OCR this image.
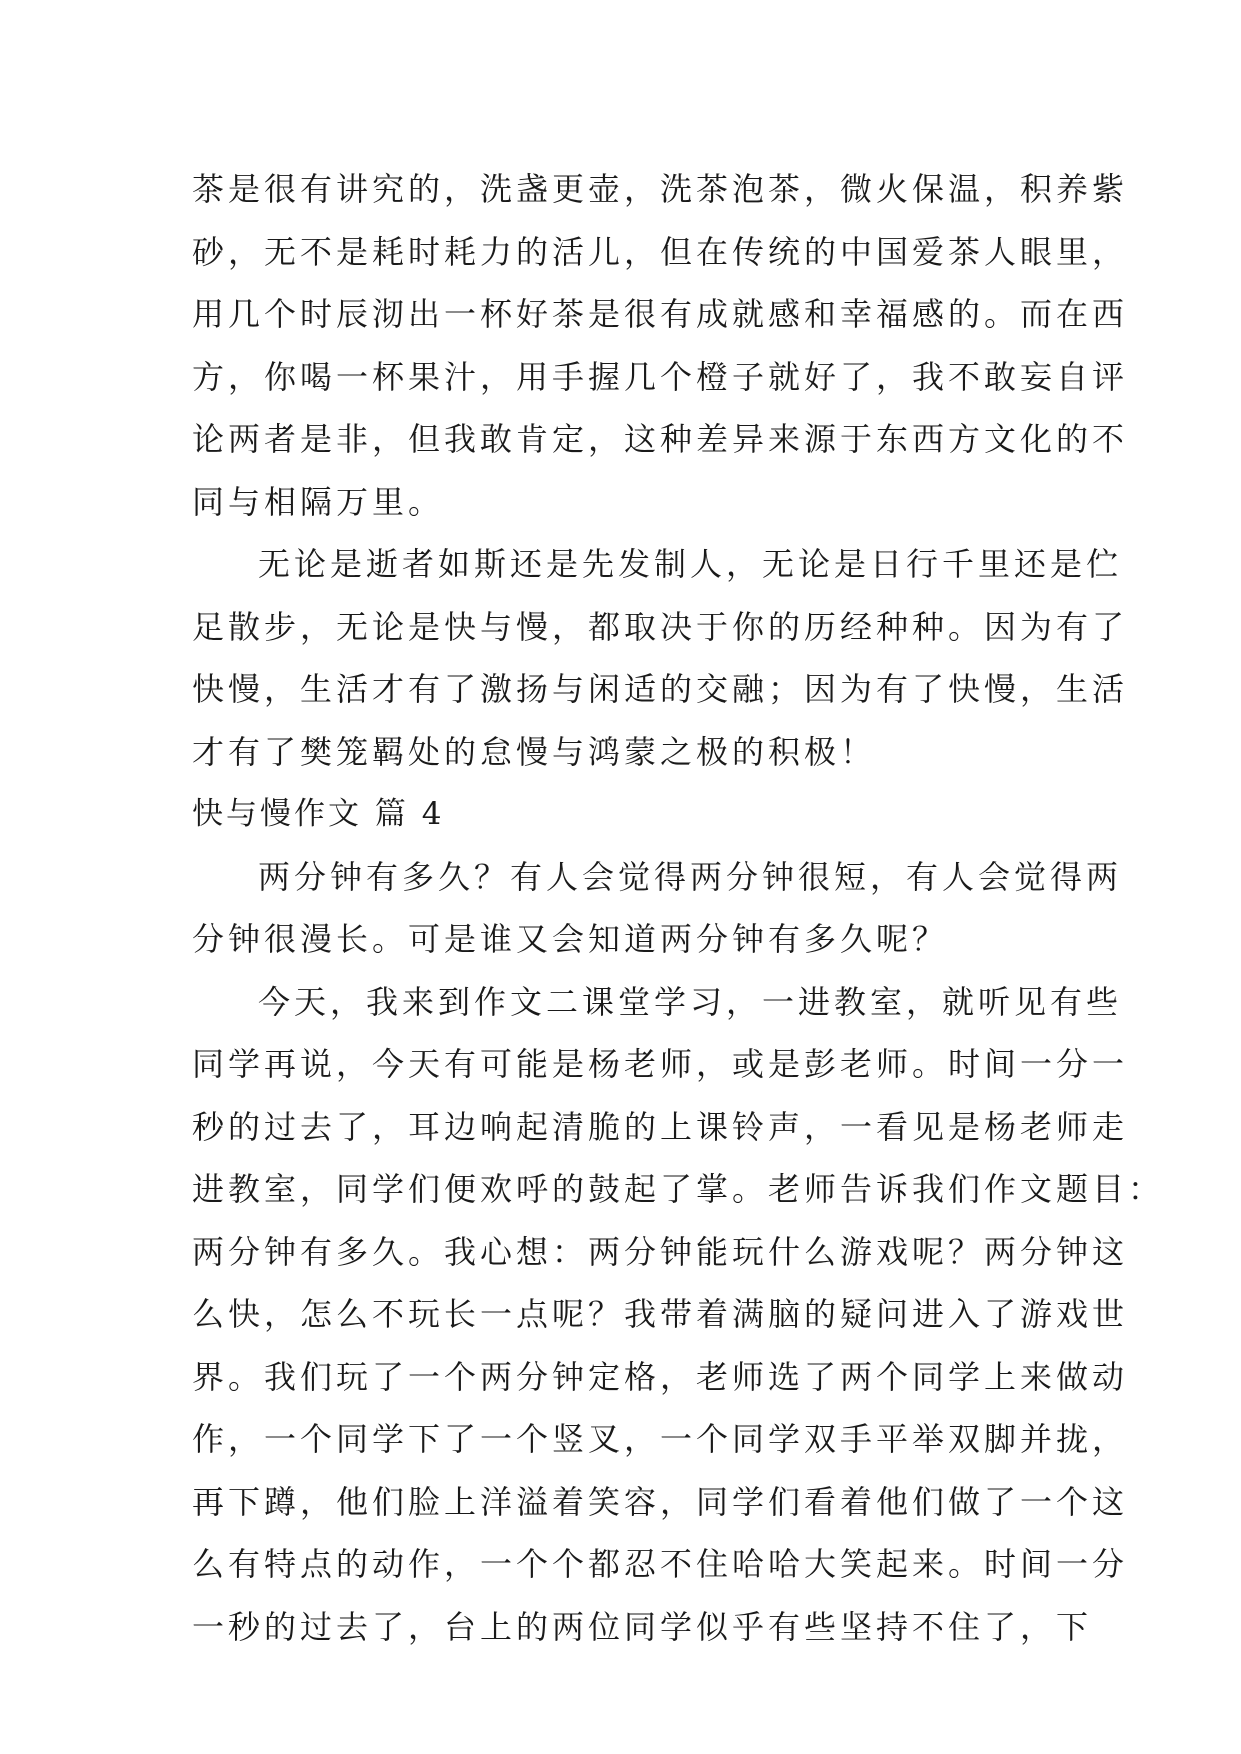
茶是很有讲究的，洗盏更壶，洗茶泡茶，微火保温，积养紫
砂，无不是耗时耗力的活儿，但在传统的中国爱茶人眼里，
用几个时辰沏出一杯好茶是很有成就感和幸福感的。而在西
方，你喝一杯果汁，用手握几个橙子就好了，我不敢妄自评
论两者是非，但我敢肯定，这种差异来源于东西方文化的不
同与相隔万里。
无论是逝者如斯还是先发制人，无论是日行千里还是伫
足散步，无论是快与慢，都取决于你的历经种种。因为有了
快慢，生活才有了激扬与闲适的交融；因为有了快慢，生活
才有了樊笼羁处的怠慢与鸿蒙之极的积极！
快与慢作文 篇 4
两分钟有多久？有人会觉得两分钟很短，有人会觉得两
分钟很漫长。可是谁又会知道两分钟有多久呢？
今天，我来到作文二课堂学习，一进教室，就听见有些
同学再说，今天有可能是杨老师，或是彭老师。时间一分一
秒的过去了，耳边响起清脆的上课铃声，一看见是杨老师走
进教室，同学们便欢呼的鼓起了掌。老师告诉我们作文题目：
两分钟有多久。我心想：两分钟能玩什么游戏呢？两分钟这
么快，怎么不玩长一点呢？我带着满脑的疑问进入了游戏世
界。我们玩了一个两分钟定格，老师选了两个同学上来做动
作，一个同学下了一个竖叉，一个同学双手平举双脚并拢，
再下蹲，他们脸上洋溢着笑容，同学们看着他们做了一个这
么有特点的动作，一个个都忍不住哈哈大笑起来。时间一分
一秒的过去了，台上的两位同学似乎有些坚持不住了，下
